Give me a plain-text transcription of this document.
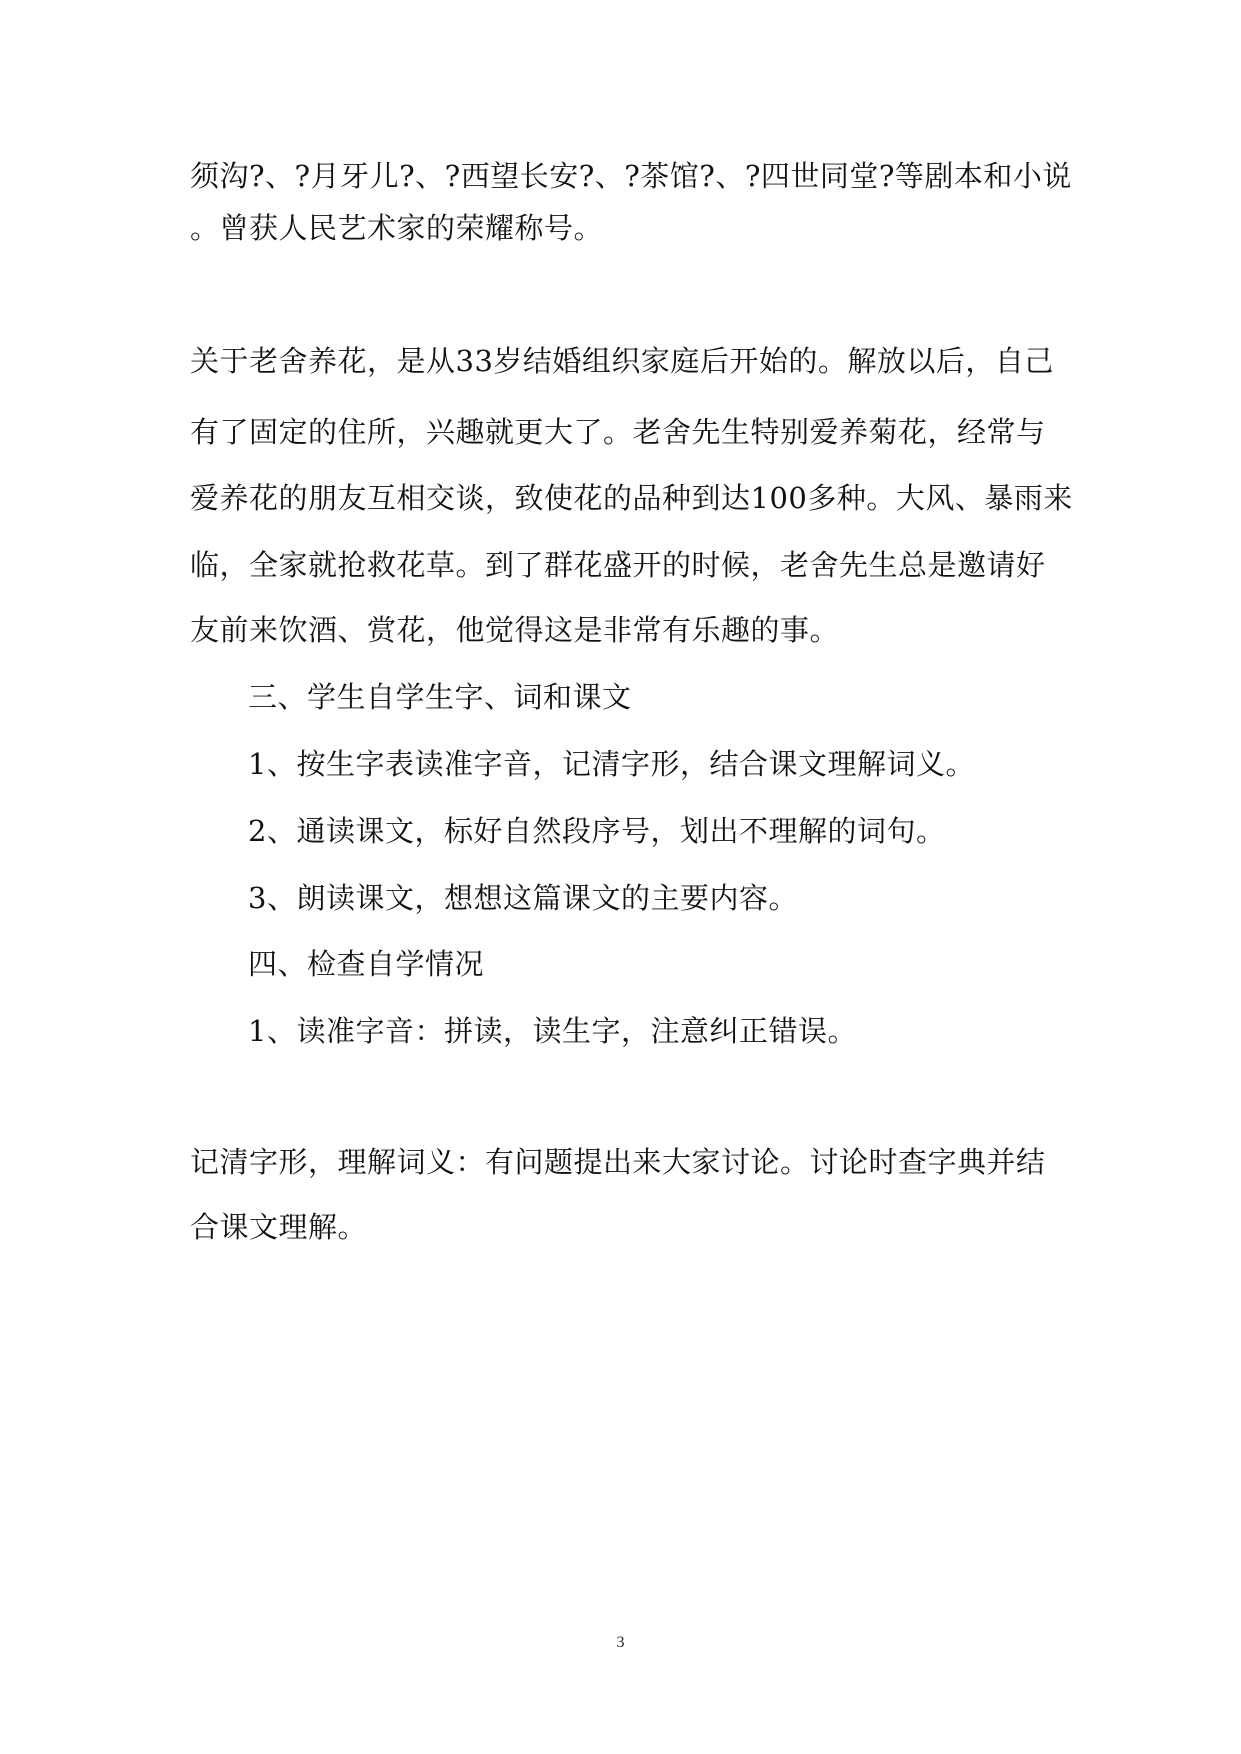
须沟?、?月牙儿?、?西望长安?、?茶馆?、?四世同堂?等剧本和小说
。曾获人民艺术家的荣耀称号。
关于老舍养花，是从33岁结婚组织家庭后开始的。解放以后，自己
有了固定的住所，兴趣就更大了。老舍先生特别爱养菊花，经常与
爱养花的朋友互相交谈，致使花的品种到达100多种。大风、暴雨来
临，全家就抢救花草。到了群花盛开的时候，老舍先生总是邀请好
友前来饮酒、赏花，他觉得这是非常有乐趣的事。
三、学生自学生字、词和课文
1、按生字表读准字音，记清字形，结合课文理解词义。
2、通读课文，标好自然段序号，划出不理解的词句。
3、朗读课文，想想这篇课文的主要内容。
四、检查自学情况
1、读准字音：拼读，读生字，注意纠正错误。
记清字形，理解词义：有问题提出来大家讨论。讨论时查字典并结
合课文理解。
3
